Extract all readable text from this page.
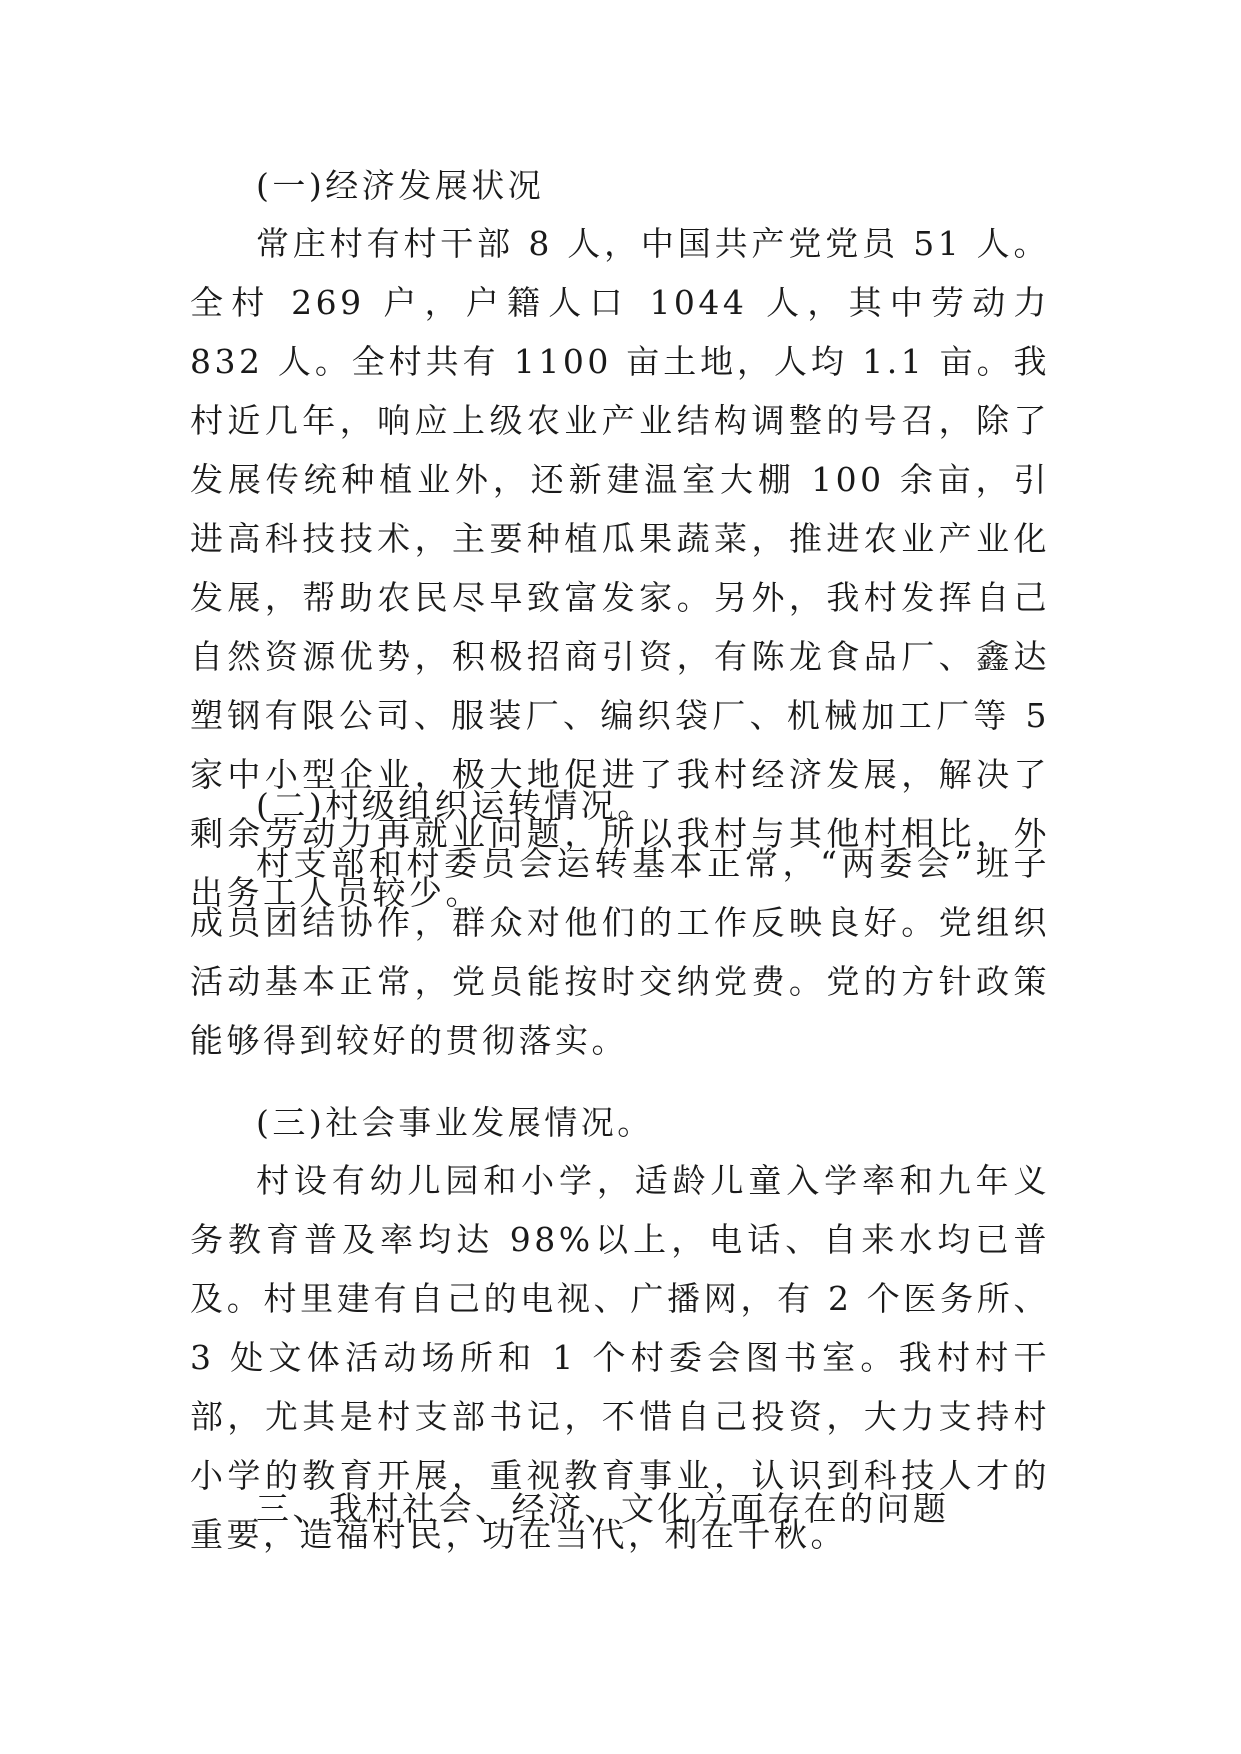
(一)经济发展状况

常庄村有村干部 8 人，中国共产党党员 51 人。全村 269 户，户籍人口 1044 人，其中劳动力 832 人。全村共有 1100 亩土地，人均 1.1 亩。我村近几年，响应上级农业产业结构调整的号召，除了发展传统种植业外，还新建温室大棚 100 余亩，引进高科技技术，主要种植瓜果蔬菜，推进农业产业化发展，帮助农民尽早致富发家。另外，我村发挥自己自然资源优势，积极招商引资，有陈龙食品厂、鑫达塑钢有限公司、服装厂、编织袋厂、机械加工厂等 5 家中小型企业，极大地促进了我村经济发展，解决了剩余劳动力再就业问题，所以我村与其他村相比，外出务工人员较少。

(二)村级组织运转情况。

村支部和村委员会运转基本正常，“两委会”班子成员团结协作，群众对他们的工作反映良好。党组织活动基本正常，党员能按时交纳党费。党的方针政策能够得到较好的贯彻落实。

(三)社会事业发展情况。

村设有幼儿园和小学，适龄儿童入学率和九年义务教育普及率均达 98%以上，电话、自来水均已普及。村里建有自己的电视、广播网，有 2 个医务所、3 处文体活动场所和 1 个村委会图书室。我村村干部，尤其是村支部书记，不惜自己投资，大力支持村小学的教育开展，重视教育事业，认识到科技人才的重要，造福村民，功在当代，利在千秋。

三、我村社会、经济、文化方面存在的问题
